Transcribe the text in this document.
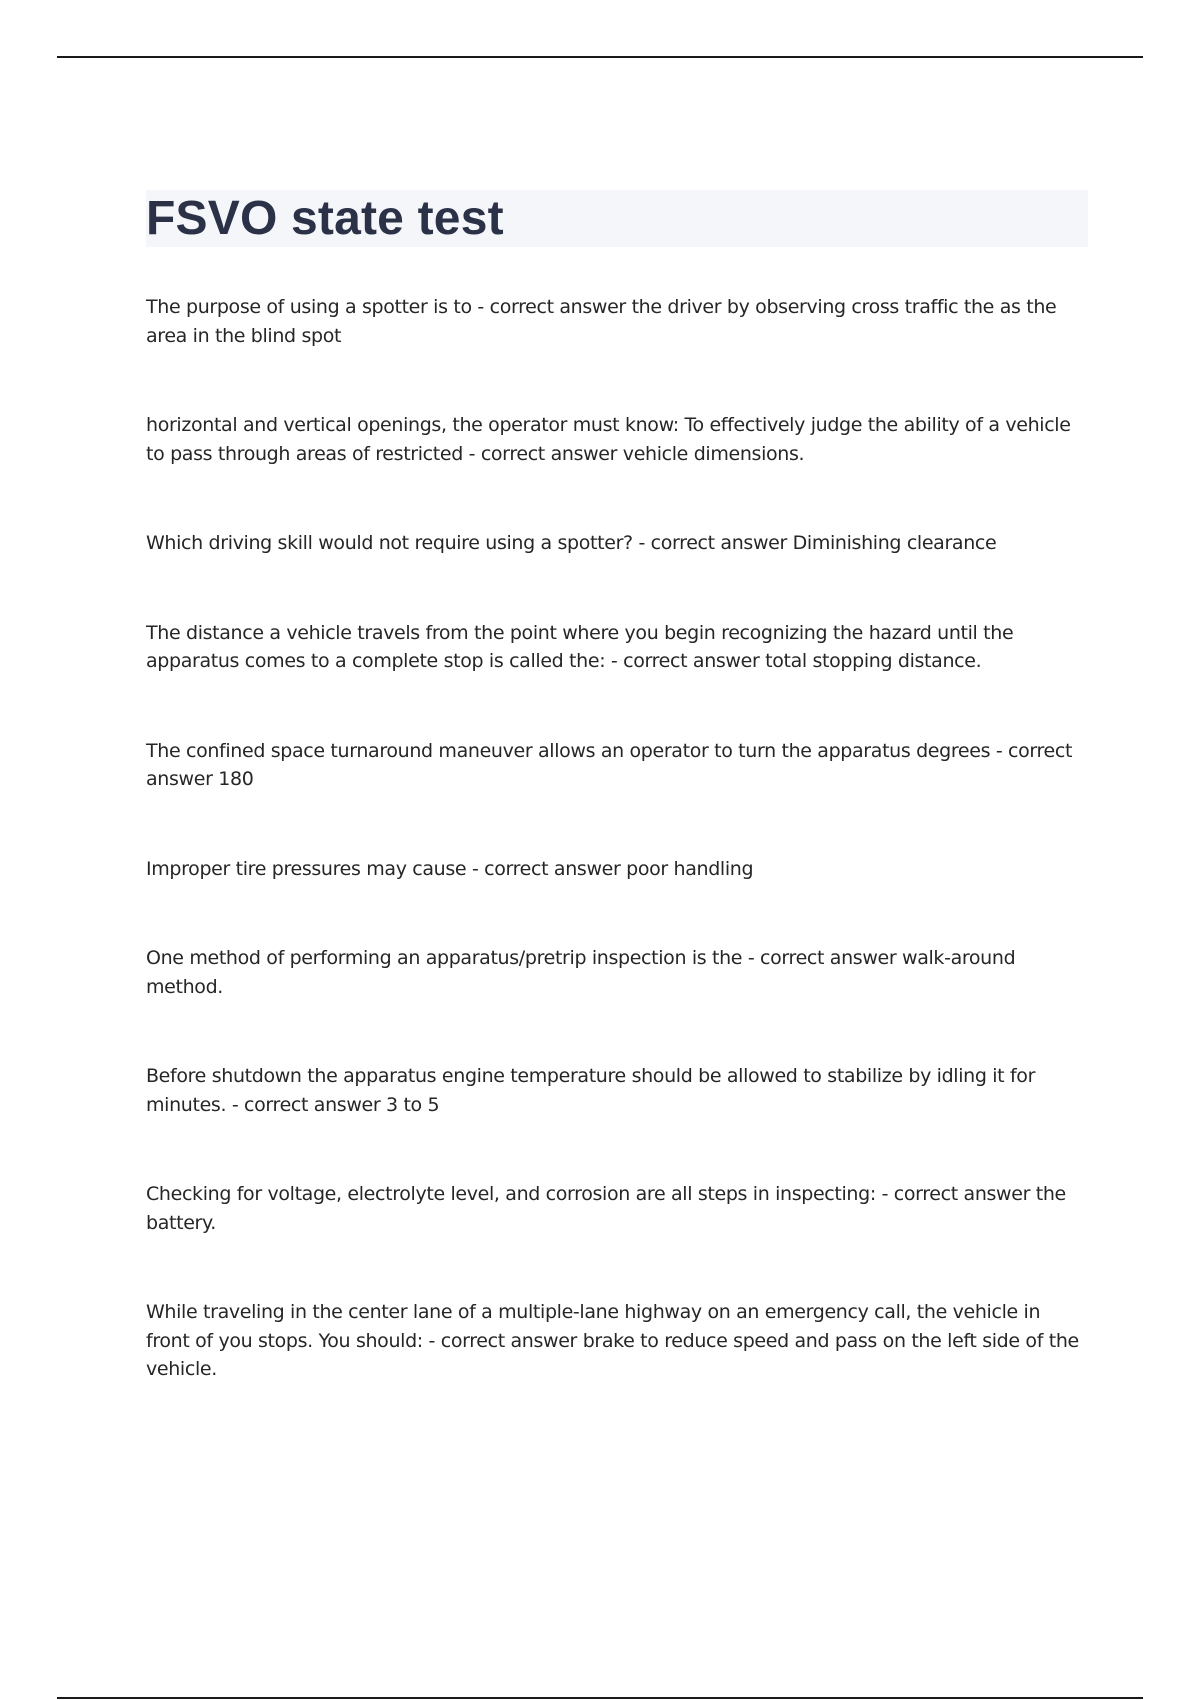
FSVO state test
The purpose of using a spotter is to - correct answer the driver by observing cross traffic the as the area in the blind spot
horizontal and vertical openings, the operator must know: To effectively judge the ability of a vehicle to pass through areas of restricted - correct answer vehicle dimensions.
Which driving skill would not require using a spotter? - correct answer Diminishing clearance
The distance a vehicle travels from the point where you begin recognizing the hazard until the apparatus comes to a complete stop is called the: - correct answer total stopping distance.
The confined space turnaround maneuver allows an operator to turn the apparatus degrees - correct answer 180
Improper tire pressures may cause - correct answer poor handling
One method of performing an apparatus/pretrip inspection is the - correct answer walk-around method.
Before shutdown the apparatus engine temperature should be allowed to stabilize by idling it for minutes. - correct answer 3 to 5
Checking for voltage, electrolyte level, and corrosion are all steps in inspecting: - correct answer the battery.
While traveling in the center lane of a multiple-lane highway on an emergency call, the vehicle in front of you stops. You should: - correct answer brake to reduce speed and pass on the left side of the vehicle.
